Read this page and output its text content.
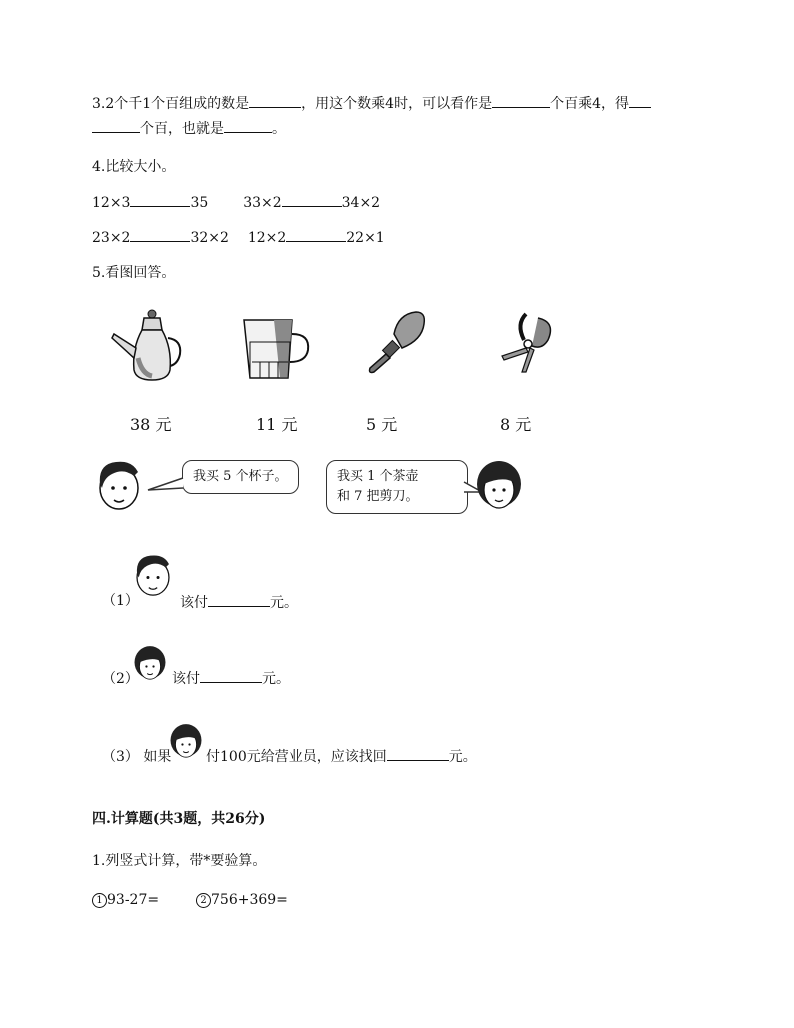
3.2个千1个百组成的数是	，用这个数乘4时，可以看作是	个百乘4，得
个百，也就是	。
4.比较大小。
12×3	35 33×2	34×2
23×2	32×2 12×2	22×1
5.看图回答。
38 元	11 元	5 元	8 元
我买 5 个杯子。	我买 1 个茶壶
和 7 把剪刀。
（1）	该付	元。
（2） 该付	元。
（3） 如果 付100元给营业员，应该找回	元。
四.计算题(共3题，共26分)
1.列竖式计算，带*要验算。
1 93-27=	2 756+369=
